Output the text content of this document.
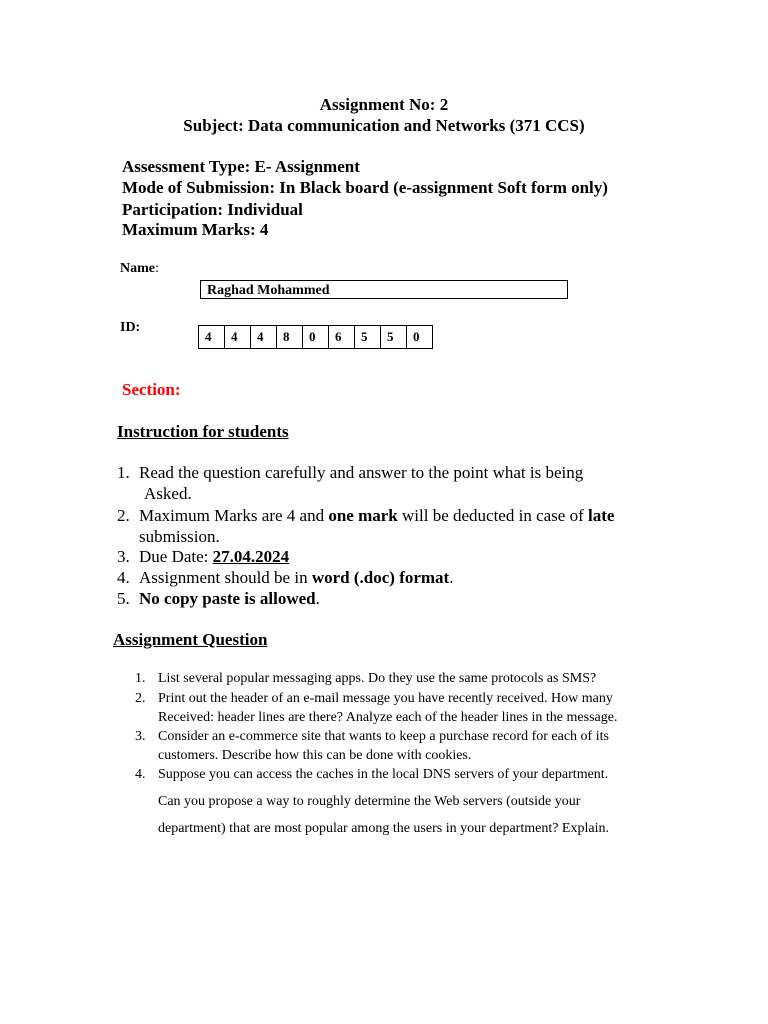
Assignment No: 2
Subject: Data communication and Networks (371 CCS)
Assessment Type: E- Assignment
Mode of Submission: In Black board (e-assignment Soft form only)
Participation: Individual
Maximum Marks: 4
Name:
Raghad Mohammed
ID:
4	4	4	8	0	6	5	5	0
Section:
Instruction for students
1. Read the question carefully and answer to the point what is being
Asked.
2. Maximum Marks are 4 and one mark will be deducted in case of late
submission.
3. Due Date: 27.04.2024
4. Assignment should be in word (.doc) format.
5. No copy paste is allowed.
Assignment Question
1. List several popular messaging apps. Do they use the same protocols as SMS?
2. Print out the header of an e-mail message you have recently received. How many
Received: header lines are there? Analyze each of the header lines in the message.
3. Consider an e-commerce site that wants to keep a purchase record for each of its
customers. Describe how this can be done with cookies.
4. Suppose you can access the caches in the local DNS servers of your department.
Can you propose a way to roughly determine the Web servers (outside your
department) that are most popular among the users in your department? Explain.
